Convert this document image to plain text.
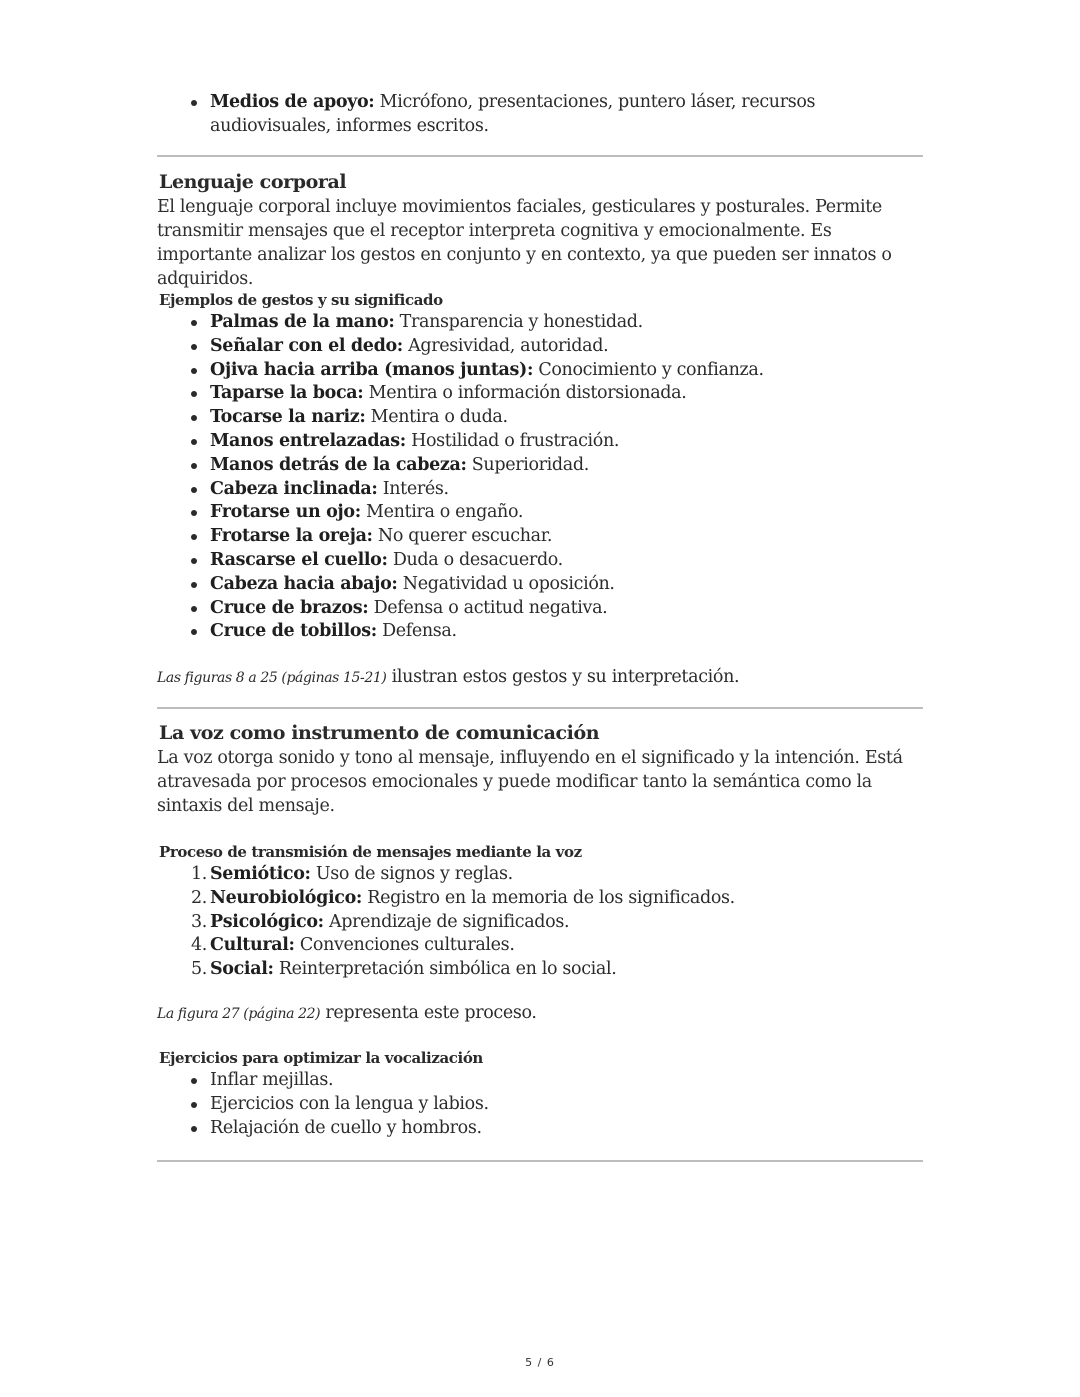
Medios de apoyo: Micrófono, presentaciones, puntero láser, recursos audiovisuales, informes escritos.
Lenguaje corporal
El lenguaje corporal incluye movimientos faciales, gesticulares y posturales. Permite transmitir mensajes que el receptor interpreta cognitiva y emocionalmente. Es importante analizar los gestos en conjunto y en contexto, ya que pueden ser innatos o adquiridos.
Ejemplos de gestos y su significado
Palmas de la mano: Transparencia y honestidad.
Señalar con el dedo: Agresividad, autoridad.
Ojiva hacia arriba (manos juntas): Conocimiento y confianza.
Taparse la boca: Mentira o información distorsionada.
Tocarse la nariz: Mentira o duda.
Manos entrelazadas: Hostilidad o frustración.
Manos detrás de la cabeza: Superioridad.
Cabeza inclinada: Interés.
Frotarse un ojo: Mentira o engaño.
Frotarse la oreja: No querer escuchar.
Rascarse el cuello: Duda o desacuerdo.
Cabeza hacia abajo: Negatividad u oposición.
Cruce de brazos: Defensa o actitud negativa.
Cruce de tobillos: Defensa.
Las figuras 8 a 25 (páginas 15-21) ilustran estos gestos y su interpretación.
La voz como instrumento de comunicación
La voz otorga sonido y tono al mensaje, influyendo en el significado y la intención. Está atravesada por procesos emocionales y puede modificar tanto la semántica como la sintaxis del mensaje.
Proceso de transmisión de mensajes mediante la voz
1. Semiótico: Uso de signos y reglas.
2. Neurobiológico: Registro en la memoria de los significados.
3. Psicológico: Aprendizaje de significados.
4. Cultural: Convenciones culturales.
5. Social: Reinterpretación simbólica en lo social.
La figura 27 (página 22) representa este proceso.
Ejercicios para optimizar la vocalización
Inflar mejillas.
Ejercicios con la lengua y labios.
Relajación de cuello y hombros.
5 / 6
